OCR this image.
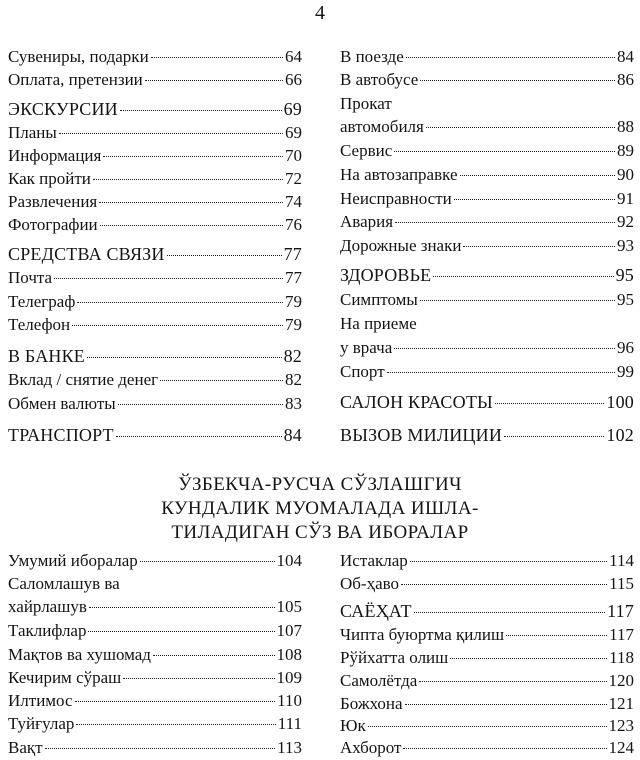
4
Сувениры, подарки	64
Оплата, претензии	66
ЭКСКУРСИИ	69
Планы	69
Информация	70
Как пройти	72
Развлечения	74
Фотографии	76
СРЕДСТВА СВЯЗИ	77
Почта	77
Телеграф	79
Телефон	79
В БАНКЕ	82
Вклад / снятие денег	82
Обмен валюты	83
ТРАНСПОРТ	84
В поезде	84
В автобусе	86
Прокат
автомобиля	88
Сервис	89
На автозаправке	90
Неисправности	91
Авария	92
Дорожные знаки	93
ЗДОРОВЬЕ	95
Симптомы	95
На приеме
у врача	96
Спорт	99
САЛОН КРАСОТЫ	100
ВЫЗОВ МИЛИЦИИ	102
ЎЗБЕКЧА-РУСЧА СЎЗЛАШГИЧ
КУНДАЛИК МУОМАЛАДА ИШЛА-
ТИЛАДИГАН СЎЗ ВА ИБОРАЛАР
Умумий иборалар	104
Саломлашув ва
хайрлашув	105
Таклифлар	107
Мақтов ва хушомад	108
Кечирим сўраш	109
Илтимос	110
Туйғулар	111
Вақт	113
Истаклар	114
Об-ҳаво	115
САЁҲАТ	117
Чипта буюртма қилиш	117
Рўйхатта олиш	118
Самолётда	120
Божхона	121
Юк	123
Ахборот	124
